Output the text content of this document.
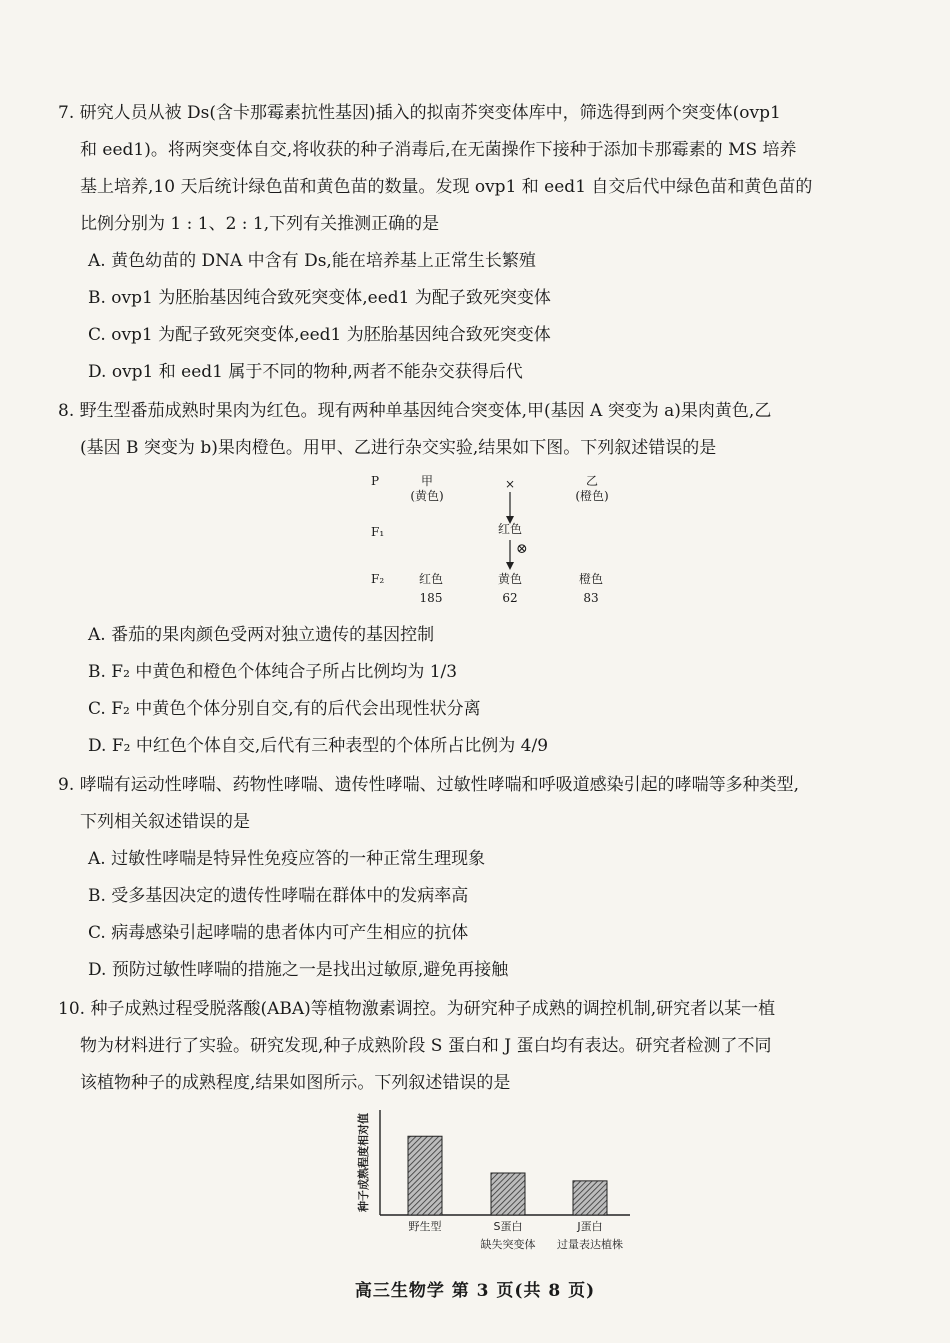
7. 研究人员从被 Ds(含卡那霉素抗性基因)插入的拟南芥突变体库中，筛选得到两个突变体(ovp1
和 eed1)。将两突变体自交,将收获的种子消毒后,在无菌操作下接种于添加卡那霉素的 MS 培养
基上培养,10 天后统计绿色苗和黄色苗的数量。发现 ovp1 和 eed1 自交后代中绿色苗和黄色苗的
比例分别为 1 : 1、2 : 1,下列有关推测正确的是
A. 黄色幼苗的 DNA 中含有 Ds,能在培养基上正常生长繁殖
B. ovp1 为胚胎基因纯合致死突变体,eed1 为配子致死突变体
C. ovp1 为配子致死突变体,eed1 为胚胎基因纯合致死突变体
D. ovp1 和 eed1 属于不同的物种,两者不能杂交获得后代
8. 野生型番茄成熟时果肉为红色。现有两种单基因纯合突变体,甲(基因 A 突变为 a)果肉黄色,乙
(基因 B 突变为 b)果肉橙色。用甲、乙进行杂交实验,结果如下图。下列叙述错误的是
P	甲
(黄色)
×	乙
(橙色)
F₁	红色
⊗
F₂	红色	黄色	橙色
185	62	83
A. 番茄的果肉颜色受两对独立遗传的基因控制
B. F₂ 中黄色和橙色个体纯合子所占比例均为 1/3
C. F₂ 中黄色个体分别自交,有的后代会出现性状分离
D. F₂ 中红色个体自交,后代有三种表型的个体所占比例为 4/9
9. 哮喘有运动性哮喘、药物性哮喘、遗传性哮喘、过敏性哮喘和呼吸道感染引起的哮喘等多种类型,
下列相关叙述错误的是
A. 过敏性哮喘是特异性免疫应答的一种正常生理现象
B. 受多基因决定的遗传性哮喘在群体中的发病率高
C. 病毒感染引起哮喘的患者体内可产生相应的抗体
D. 预防过敏性哮喘的措施之一是找出过敏原,避免再接触
10. 种子成熟过程受脱落酸(ABA)等植物激素调控。为研究种子成熟的调控机制,研究者以某一植
物为材料进行了实验。研究发现,种子成熟阶段 S 蛋白和 J 蛋白均有表达。研究者检测了不同
该植物种子的成熟程度,结果如图所示。下列叙述错误的是
种子成熟程度相对值
野生型	S蛋白
缺失突变体
J蛋白
过量表达植株
高三生物学 第 3 页(共 8 页)
